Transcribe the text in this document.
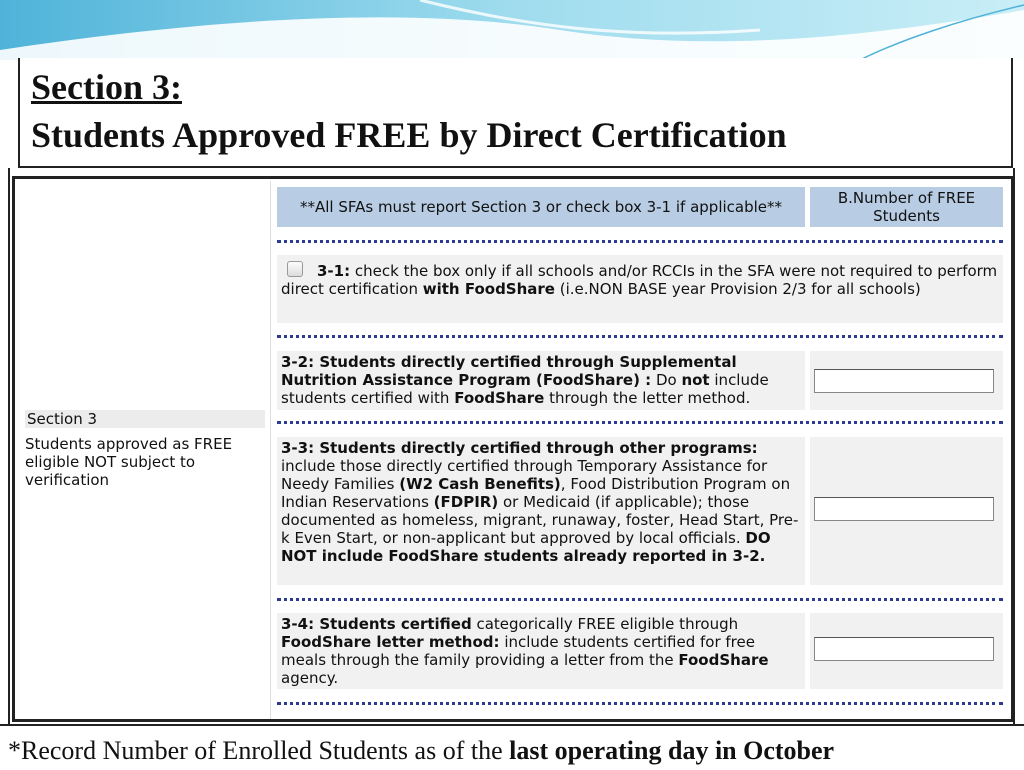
Section 3:
Students Approved FREE by Direct Certification
Section 3
Students approved as FREE eligible NOT subject to verification
**All SFAs must report Section 3 or check box 3-1 if applicable**	B.Number of FREE Students
3-1: check the box only if all schools and/or RCCIs in the SFA were not required to perform direct certification with FoodShare (i.e.NON BASE year Provision 2/3 for all schools)
3-2: Students directly certified through Supplemental Nutrition Assistance Program (FoodShare) : Do not include students certified with FoodShare through the letter method.
3-3: Students directly certified through other programs: include those directly certified through Temporary Assistance for Needy Families (W2 Cash Benefits), Food Distribution Program on Indian Reservations (FDPIR) or Medicaid (if applicable); those documented as homeless, migrant, runaway, foster, Head Start, Pre-k Even Start, or non-applicant but approved by local officials. DO NOT include FoodShare students already reported in 3-2.
3-4: Students certified categorically FREE eligible through FoodShare letter method: include students certified for free meals through the family providing a letter from the FoodShare agency.
*Record Number of Enrolled Students as of the last operating day in October
